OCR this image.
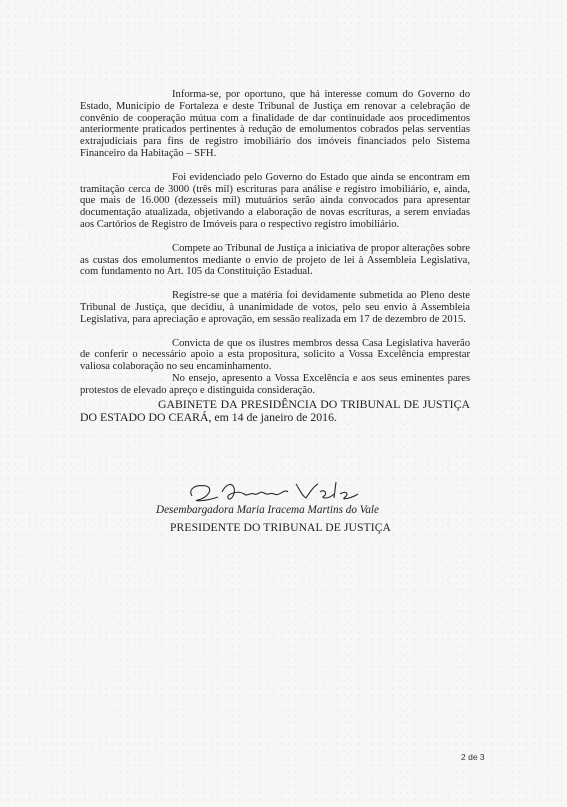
Informa-se, por oportuno, que há interesse comum do Governo do Estado, Município de Fortaleza e deste Tribunal de Justiça em renovar a celebração de convênio de cooperação mútua com a finalidade de dar continuidade aos procedimentos anteriormente praticados pertinentes à redução de emolumentos cobrados pelas serventias extrajudiciais para fins de registro imobiliário dos imóveis financiados pelo Sistema Financeiro da Habitação – SFH.

Foi evidenciado pelo Governo do Estado que ainda se encontram em tramitação cerca de 3000 (três mil) escrituras para análise e registro imobiliário, e, ainda, que mais de 16.000 (dezesseis mil) mutuários serão ainda convocados para apresentar documentação atualizada, objetivando a elaboração de novas escrituras, a serem enviadas aos Cartórios de Registro de Imóveis para o respectivo registro imobiliário.

Compete ao Tribunal de Justiça a iniciativa de propor alterações sobre as custas dos emolumentos mediante o envio de projeto de lei à Assembleia Legislativa, com fundamento no Art. 105 da Constituição Estadual.

Registre-se que a matéria foi devidamente submetida ao Pleno deste Tribunal de Justiça, que decidiu, à unanimidade de votos, pelo seu envio à Assembleia Legislativa, para apreciação e aprovação, em sessão realizada em 17 de dezembro de 2015.

Convicta de que os ilustres membros dessa Casa Legislativa haverão de conferir o necessário apoio a esta propositura, solicito a Vossa Excelência emprestar valiosa colaboração no seu encaminhamento.

No ensejo, apresento a Vossa Excelência e aos seus eminentes pares protestos de elevado apreço e distinguida consideração.

GABINETE DA PRESIDÊNCIA DO TRIBUNAL DE JUSTIÇA DO ESTADO DO CEARÁ, em 14 de janeiro de 2016.

Desembargadora Maria Iracema Martins do Vale
PRESIDENTE DO TRIBUNAL DE JUSTIÇA
2 de 3
